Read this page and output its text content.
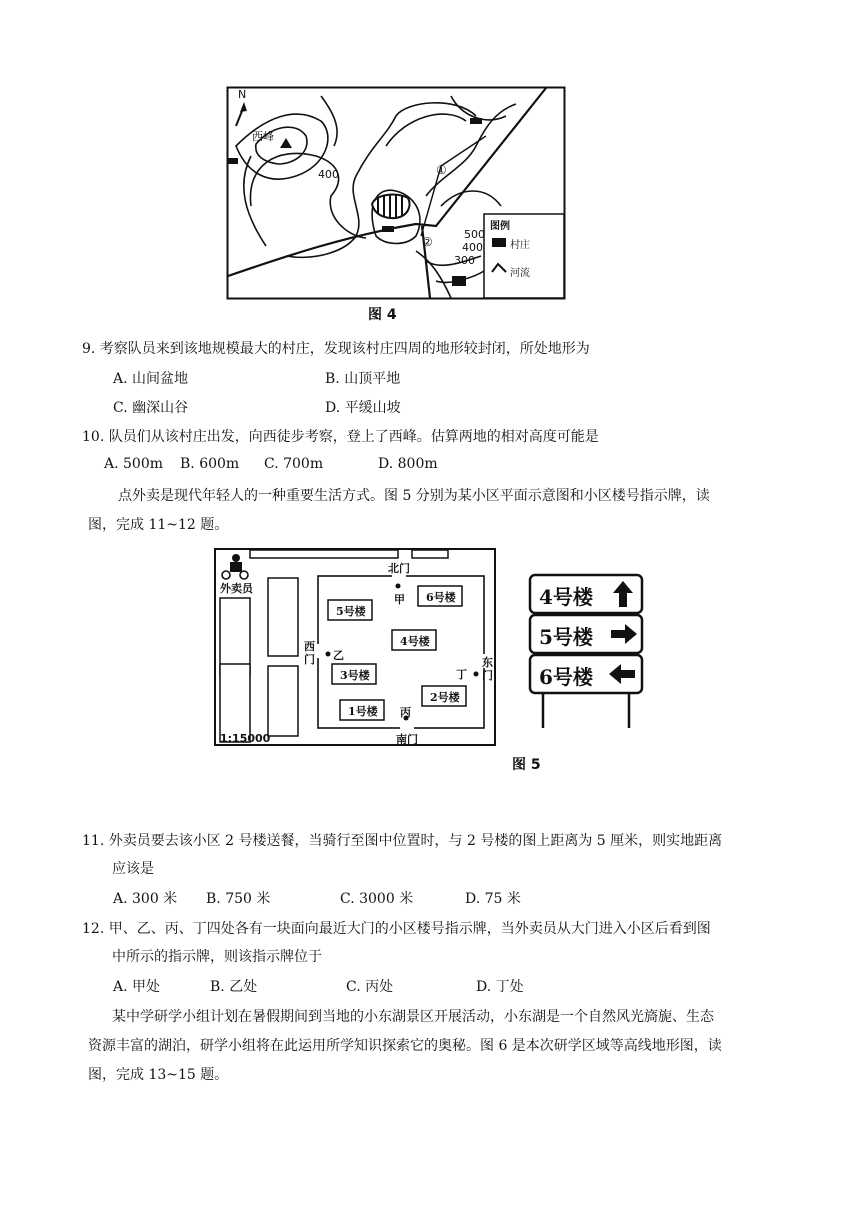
N
西峰
400
500
400
300
①
②
图例
村庄
河流
图 4
9. 考察队员来到该地规模最大的村庄，发现该村庄四周的地形较封闭，所处地形为
A. 山间盆地	B. 山顶平地
C. 幽深山谷	D. 平缓山坡
10. 队员们从该村庄出发，向西徒步考察，登上了西峰。估算两地的相对高度可能是
A. 500m B. 600m C. 700m	D. 800m
点外卖是现代年轻人的一种重要生活方式。图 5 分别为某小区平面示意图和小区楼号指示牌，读
图，完成 11~12 题。
外卖员
北门
南门
西门	东门
甲
乙
丙
丁
5号楼
6号楼
4号楼
3号楼
2号楼
1号楼
1:15000
4号楼
5号楼
6号楼
图 5
11. 外卖员要去该小区 2 号楼送餐，当骑行至图中位置时，与 2 号楼的图上距离为 5 厘米，则实地距离
应该是
A. 300 米 B. 750 米	C. 3000 米	D. 75 米
12. 甲、乙、丙、丁四处各有一块面向最近大门的小区楼号指示牌，当外卖员从大门进入小区后看到图
中所示的指示牌，则该指示牌位于
A. 甲处	B. 乙处	C. 丙处	D. 丁处
某中学研学小组计划在暑假期间到当地的小东湖景区开展活动，小东湖是一个自然风光旖旎、生态
资源丰富的湖泊，研学小组将在此运用所学知识探索它的奥秘。图 6 是本次研学区域等高线地形图，读
图，完成 13~15 题。
